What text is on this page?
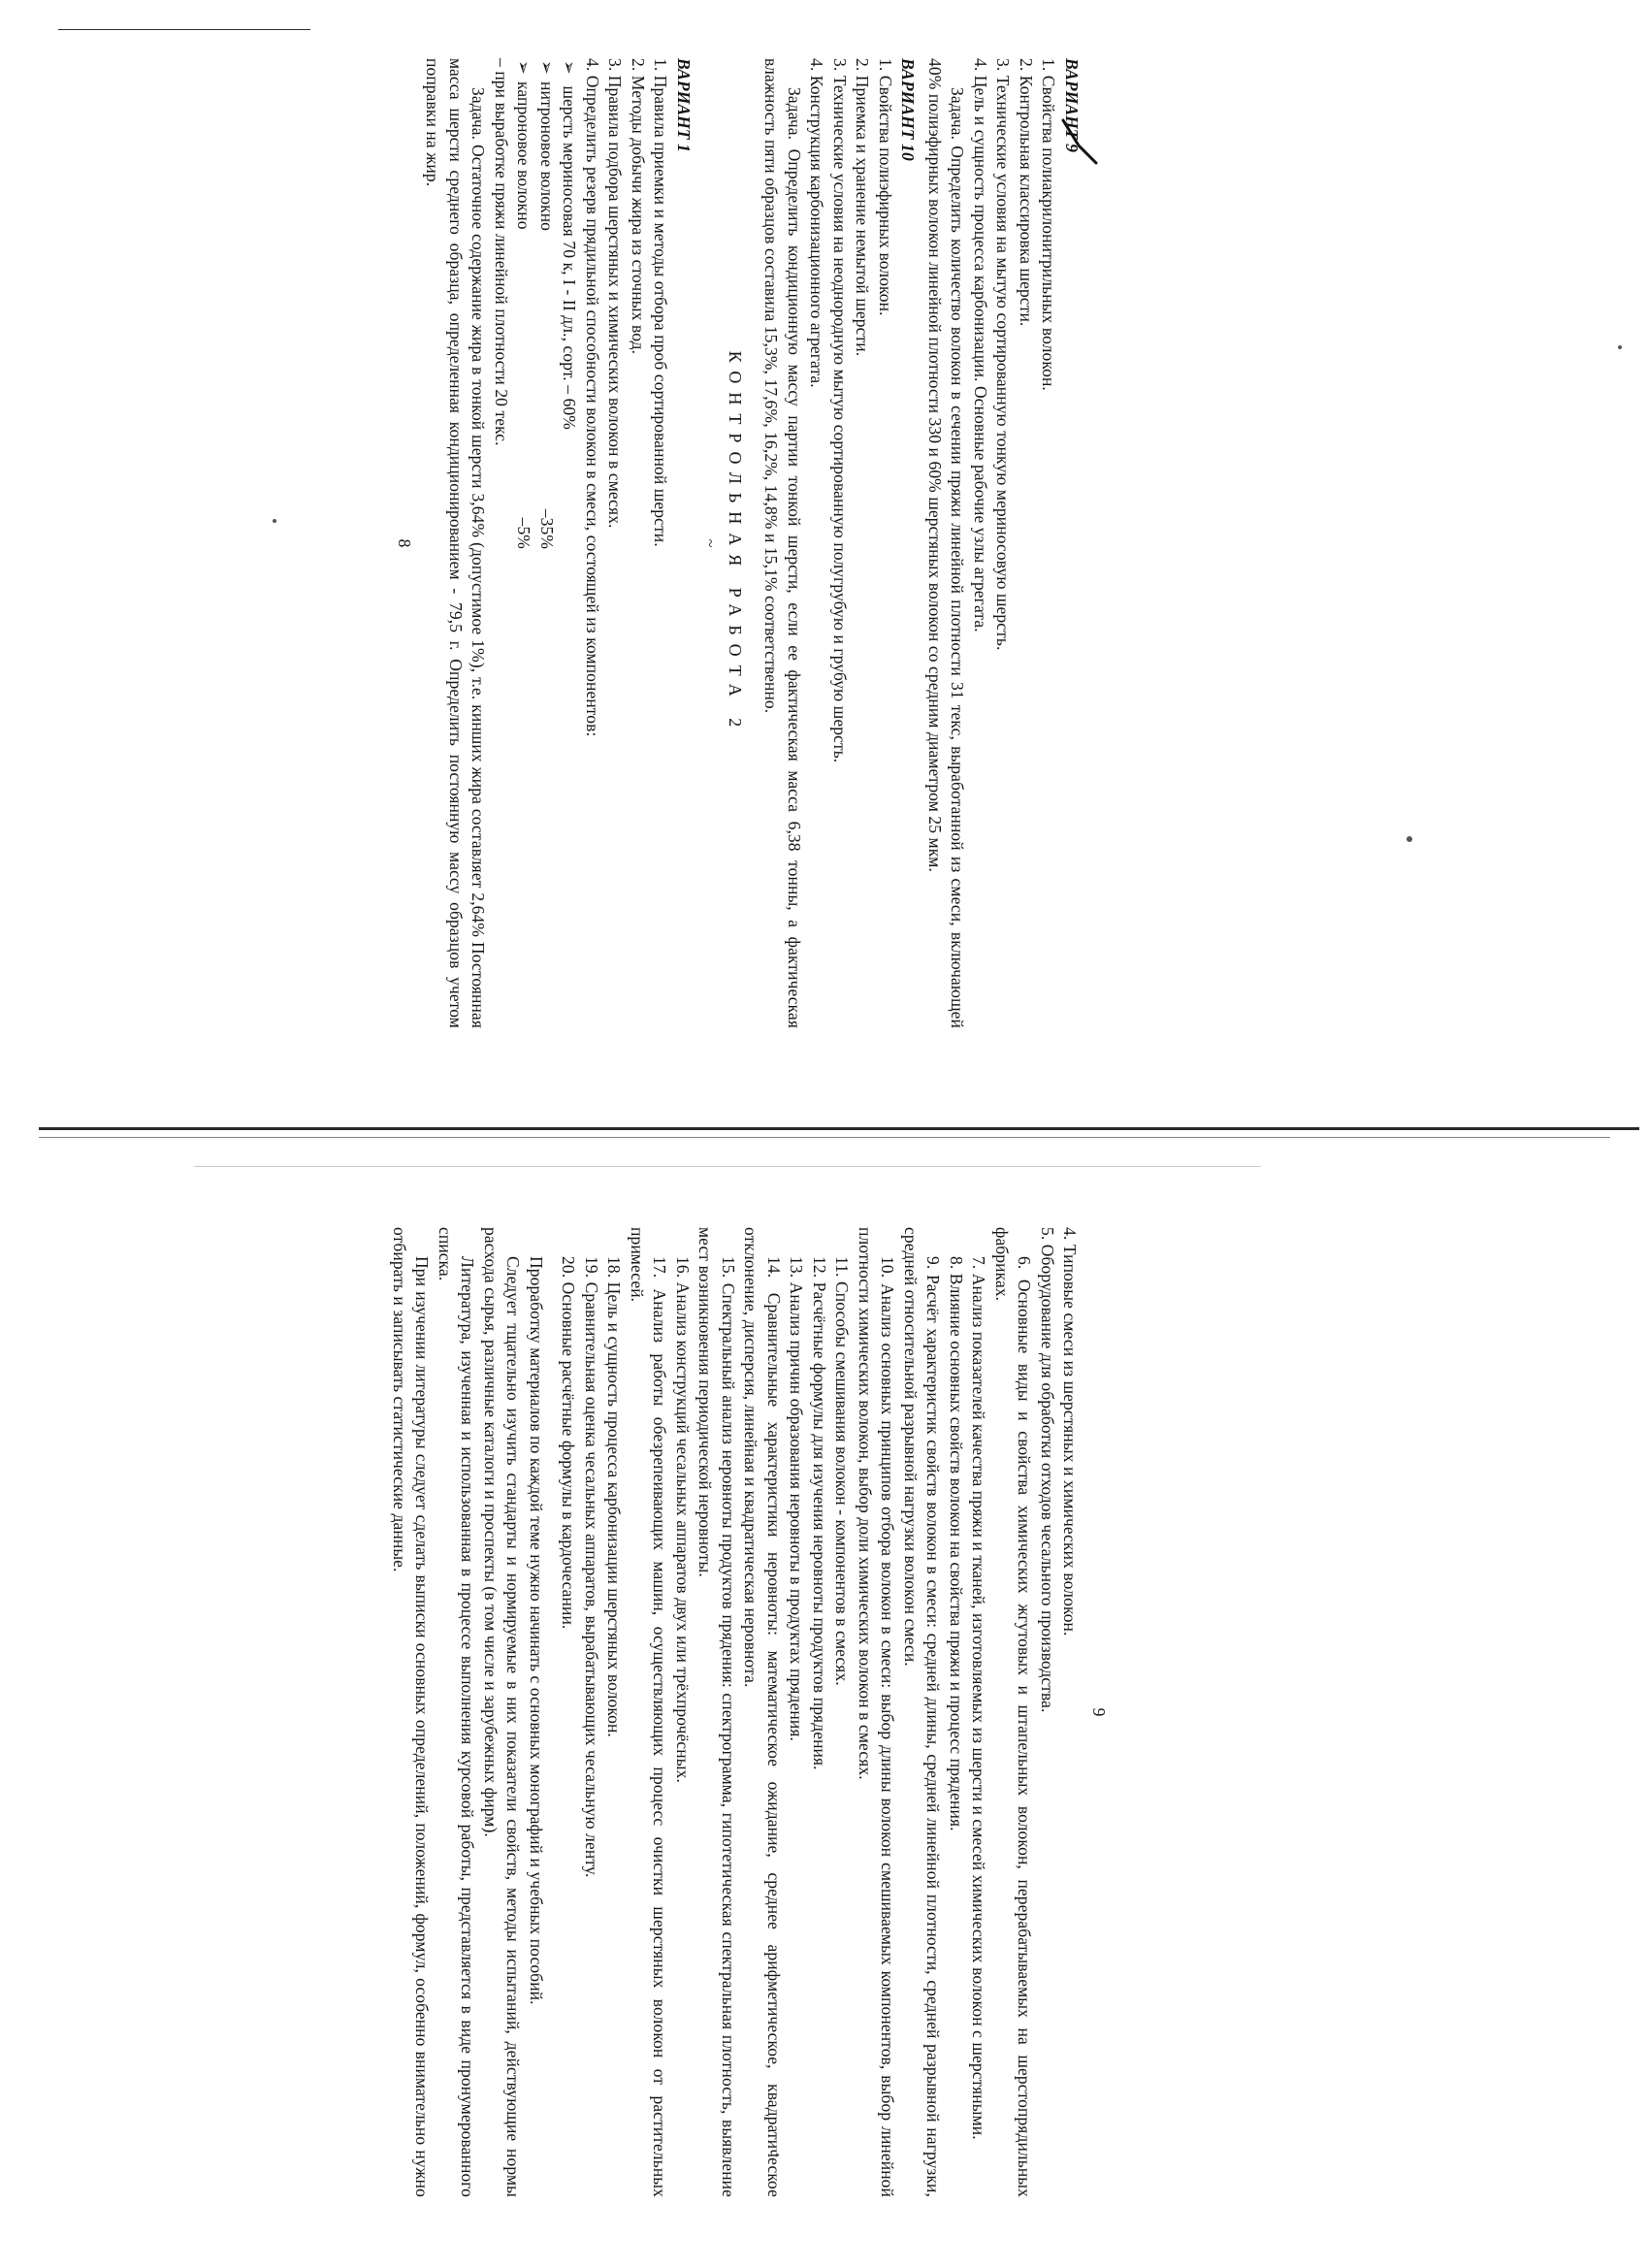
ВАРИАНТ 9

1. Свойства полиакрилонитрильных волокон.

2. Контрольная классировка шерсти.

3. Технические условия на мытую сортированную тонкую мериносовую шерсть.

4. Цель и сущность процесса карбонизации. Основные рабочие узлы агрегата.

Задача. Определить количество волокон в сечении пряжи линейной плотности 31 текс, выработанной из смеси, включающей 40% полиэфирных волокон линейной плотности 330 и 60% шерстяных волокон со средним диаметром 25 мкм.

ВАРИАНТ 10

1. Свойства полиэфирных волокон.

2. Приемка и хранение немытой шерсти.

3. Технические условия на неоднородную мытую сортированную полугрубую и грубую шерсть.

4. Конструкция карбонизационного агрегата.

Задача. Определить кондиционную массу партии тонкой шерсти, если ее фактическая масса 6,38 тонны, а фактическая влажность пяти образцов составила 15,3%, 17,6%, 16,2%, 14,8% и 15,1% соответственно.

КОНТРОЛЬНАЯ РАБОТА 2

~

ВАРИАНТ 1

1. Правила приемки и методы отбора проб сортированной шерсти.

2. Методы добычи жира из сточных вод.

3. Правила подбора шерстяных и химических волокон в смесях.

4. Определить резерв прядильной способности волокон в смеси, состоящей из компонентов:

➢ шерсть мериносовая 70 к, I - II дл., сорт. – 60%

➢нитроновое волокно
–35%

➢капроновое волокно
–5%

– при выработке пряжи линейной плотности 20 текс.

Задача. Остаточное содержание жира в тонкой шерсти 3,64% (допустимое 1%), т.е. кинших жира составляет 2,64% Постоянная масса шерсти среднего образца, определенная кондиционированием - 79,5 г. Определить постоянную массу образцов учетом поправки на жир.

8

9

4. Типовые смеси из шерстяных и химических волокон.

5. Оборудование для обработки отходов чесального производства.

6. Основные виды и свойства химических жгутовых и штапельных волокон, перерабатываемых на шерстопрядильных фабриках.

7. Анализ показателей качества пряжи и тканей, изготовляемых из шерсти и смесей химических волокон с шерстяными.

8. Влияние основных свойств волокон на свойства пряжи и процесс прядения.

9. Расчёт характеристик свойств волокон в смеси: средней длины, средней линейной плотности, средней разрывной нагрузки, средней относительной разрывной нагрузки волокон смеси.

10. Анализ основных принципов отбора волокон в смеси: выбор длины волокон смешиваемых компонентов, выбор линейной плотности химических волокон, выбор доли химических волокон в смесях.

11. Способы смешивания волокон - компонентов в смесях.

12. Расчётные формулы для изучения неровноты продуктов прядения.

13. Анализ причин образования неровноты в продуктах прядения.

14. Сравнительные характеристики неровноты: математическое ожидание, среднее арифметическое, квадратическое отклонение, дисперсия, линейная и квадратическая неровнота.

15. Спектральный анализ неровноты продуктов прядения: спектрограмма, гипотетическая спектральная плотность, выявление мест возникновения периодической неровноты.

16. Анализ конструкций чесальных аппаратов двух или трёхпрочёсных.

17. Анализ работы обезрепеивающих машин, осуществляющих процесс очистки шерстяных волокон от растительных примесей.

18. Цель и сущность процесса карбонизации шерстяных волокон.

19. Сравнительная оценка чесальных аппаратов, вырабатывающих чесальную ленту.

20. Основные расчётные формулы в кардочесании.

Проработку материалов по каждой теме нужно начинать с основных монографий и учебных пособий.

Следует тщательно изучить стандарты и нормируемые в них показатели свойств, методы испытаний, действующие нормы расхода сырья, различные каталоги и проспекты (в том числе и зарубежных фирм).

Литература, изученная и использованная в процессе выполнения курсовой работы, представляется в виде пронумерованного списка.

При изучении литературы следует сделать выписки основных определений, положений, формул, особенно внимательно нужно отбирать и записывать статистические данные.
